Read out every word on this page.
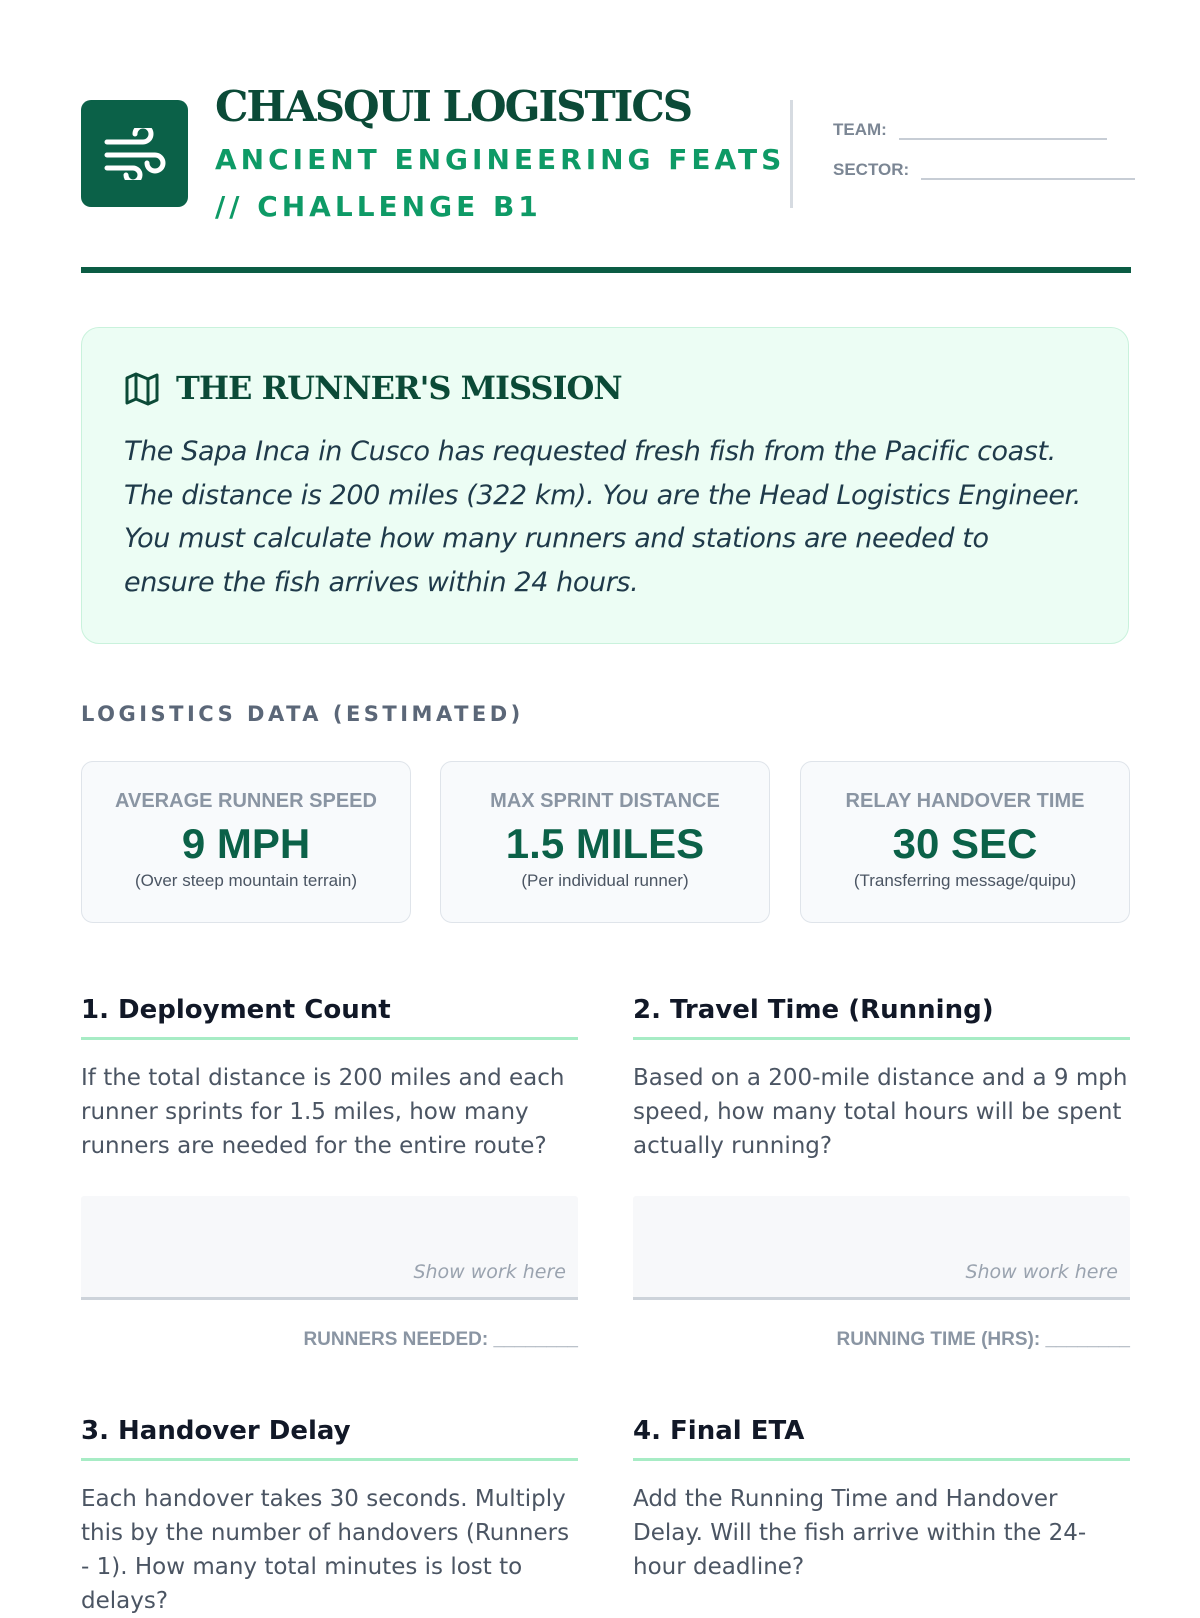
CHASQUI LOGISTICS
ANCIENT ENGINEERING FEATS // CHALLENGE B1
TEAM:
SECTOR:
THE RUNNER'S MISSION
The Sapa Inca in Cusco has requested fresh fish from the Pacific coast. The distance is 200 miles (322 km). You are the Head Logistics Engineer. You must calculate how many runners and stations are needed to ensure the fish arrives within 24 hours.
LOGISTICS DATA (ESTIMATED)
AVERAGE RUNNER SPEED
9 MPH
(Over steep mountain terrain)
MAX SPRINT DISTANCE
1.5 MILES
(Per individual runner)
RELAY HANDOVER TIME
30 SEC
(Transferring message/quipu)
1. Deployment Count
If the total distance is 200 miles and each runner sprints for 1.5 miles, how many runners are needed for the entire route?
Show work here
RUNNERS NEEDED: ________
2. Travel Time (Running)
Based on a 200-mile distance and a 9 mph speed, how many total hours will be spent actually running?
Show work here
RUNNING TIME (HRS): ________
3. Handover Delay
Each handover takes 30 seconds. Multiply this by the number of handovers (Runners - 1). How many total minutes is lost to delays?
4. Final ETA
Add the Running Time and Handover Delay. Will the fish arrive within the 24-hour deadline?
